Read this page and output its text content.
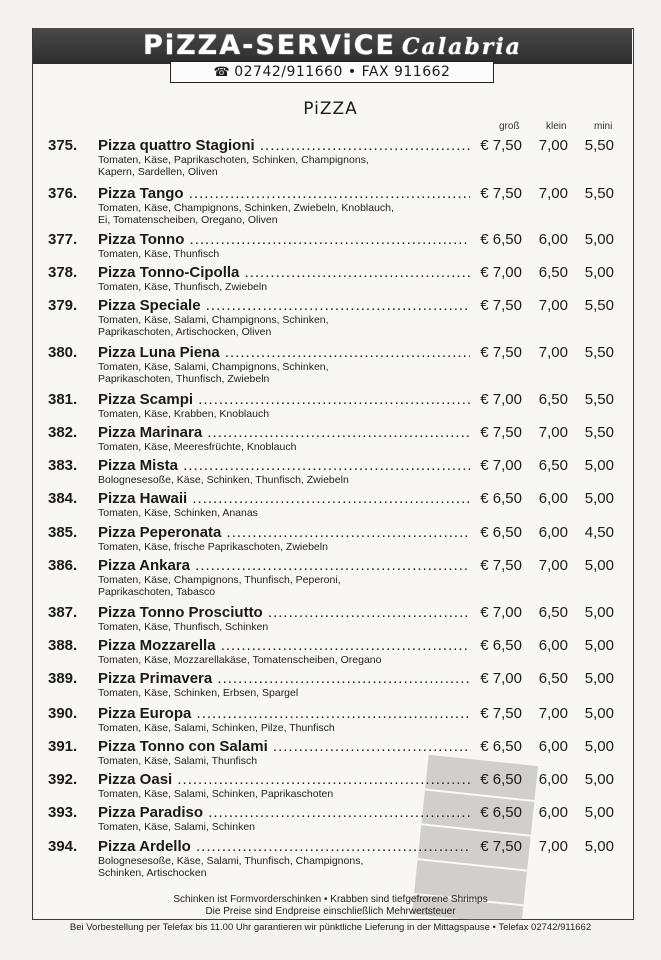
PiZZA-SERViCE Calabria
☎ 02742/911660 • FAX 911662
PiZZA
groß	klein	mini
375. Pizza quattro Stagioni .....	€ 7,50	7,00	5,50
Tomaten, Käse, Paprikaschoten, Schinken, Champignons, Kapern, Sardellen, Oliven
376. Pizza Tango .....	€ 7,50	7,00	5,50
Tomaten, Käse, Champignons, Schinken, Zwiebeln, Knoblauch, Ei, Tomatenscheiben, Oregano, Oliven
377. Pizza Tonno .....	€ 6,50	6,00	5,00
Tomaten, Käse, Thunfisch
378. Pizza Tonno-Cipolla .....	€ 7,00	6,50	5,00
Tomaten, Käse, Thunfisch, Zwiebeln
379. Pizza Speciale .....	€ 7,50	7,00	5,50
Tomaten, Käse, Salami, Champignons, Schinken, Paprikaschoten, Artischocken, Oliven
380. Pizza Luna Piena .....	€ 7,50	7,00	5,50
Tomaten, Käse, Salami, Champignons, Schinken, Paprikaschoten, Thunfisch, Zwiebeln
381. Pizza Scampi .....	€ 7,00	6,50	5,50
Tomaten, Käse, Krabben, Knoblauch
382. Pizza Marinara .....	€ 7,50	7,00	5,50
Tomaten, Käse, Meeresfrüchte, Knoblauch
383. Pizza Mista .....	€ 7,00	6,50	5,00
Bolognesesoße, Käse, Schinken, Thunfisch, Zwiebeln
384. Pizza Hawaii .....	€ 6,50	6,00	5,00
Tomaten, Käse, Schinken, Ananas
385. Pizza Peperonata .....	€ 6,50	6,00	4,50
Tomaten, Käse, frische Paprikaschoten, Zwiebeln
386. Pizza Ankara .....	€ 7,50	7,00	5,00
Tomaten, Käse, Champignons, Thunfisch, Peperoni, Paprikaschoten, Tabasco
387. Pizza Tonno Prosciutto .....	€ 7,00	6,50	5,00
Tomaten, Käse, Thunfisch, Schinken
388. Pizza Mozzarella .....	€ 6,50	6,00	5,00
Tomaten, Käse, Mozzarellakäse, Tomatenscheiben, Oregano
389. Pizza Primavera .....	€ 7,00	6,50	5,00
Tomaten, Käse, Schinken, Erbsen, Spargel
390. Pizza Europa .....	€ 7,50	7,00	5,00
Tomaten, Käse, Salami, Schinken, Pilze, Thunfisch
391. Pizza Tonno con Salami .....	€ 6,50	6,00	5,00
Tomaten, Käse, Salami, Thunfisch
392. Pizza Oasi .....	€ 6,50	6,00	5,00
Tomaten, Käse, Salami, Schinken, Paprikaschoten
393. Pizza Paradiso .....	€ 6,50	6,00	5,00
Tomaten, Käse, Salami, Schinken
394. Pizza Ardello .....	€ 7,50	7,00	5,00
Bolognesesoße, Käse, Salami, Thunfisch, Champignons, Schinken, Artischocken
Schinken ist Formvorderschinken • Krabben sind tiefgefrorene Shrimps
Die Preise sind Endpreise einschließlich Mehrwertsteuer
Bei Vorbestellung per Telefax bis 11.00 Uhr garantieren wir pünktliche Lieferung in der Mittagspause • Telefax 02742/911662
